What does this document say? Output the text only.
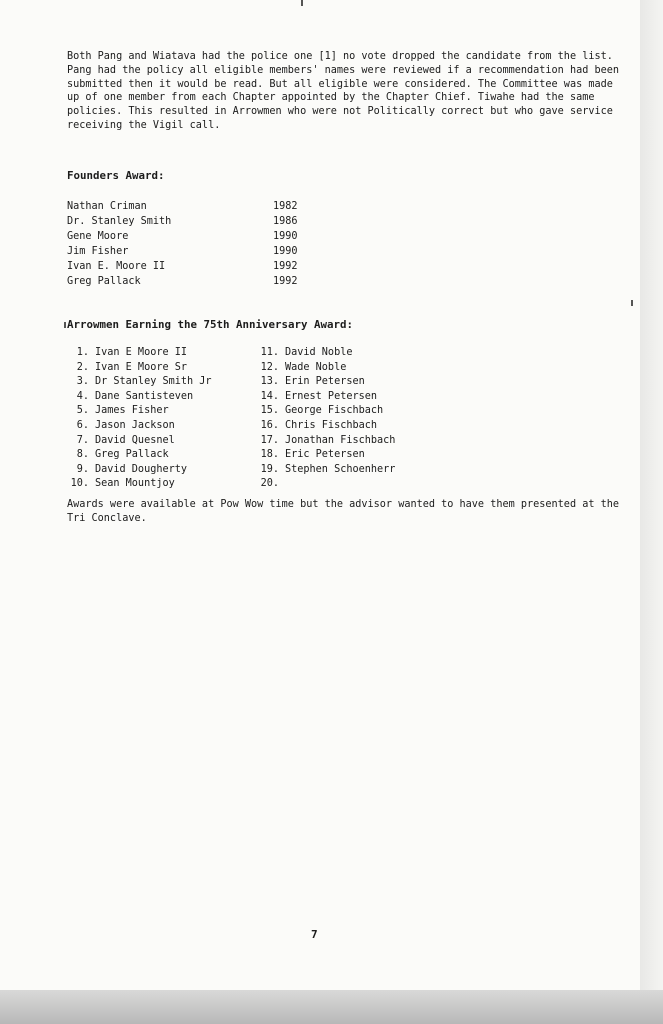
Both Pang and Wiatava had the police one [1] no vote dropped the candidate from the list. Pang had the policy all eligible members' names were reviewed if a recommendation had been submitted then it would be read. But all eligible were considered. The Committee was made up of one member from each Chapter appointed by the Chapter Chief. Tiwahe had the same policies. This resulted in Arrowmen who were not Politically correct but who gave service receiving the Vigil call.

Founders Award:
Nathan Criman	1982
Dr. Stanley Smith	1986
Gene Moore	1990
Jim Fisher	1990
Ivan E. Moore II	1992
Greg Pallack	1992
Arrowmen Earning the 75th Anniversary Award:
1. Ivan E Moore II
2. Ivan E Moore Sr
3. Dr Stanley Smith Jr
4. Dane Santisteven
5. James Fisher
6. Jason Jackson
7. David Quesnel
8. Greg Pallack
9. David Dougherty
10. Sean Mountjoy
11. David Noble
12. Wade Noble
13. Erin Petersen
14. Ernest Petersen
15. George Fischbach
16. Chris Fischbach
17. Jonathan Fischbach
18. Eric Petersen
19. Stephen Schoenherr
20.

Awards were available at Pow Wow time but the advisor wanted to have them presented at the Tri Conclave.

7
